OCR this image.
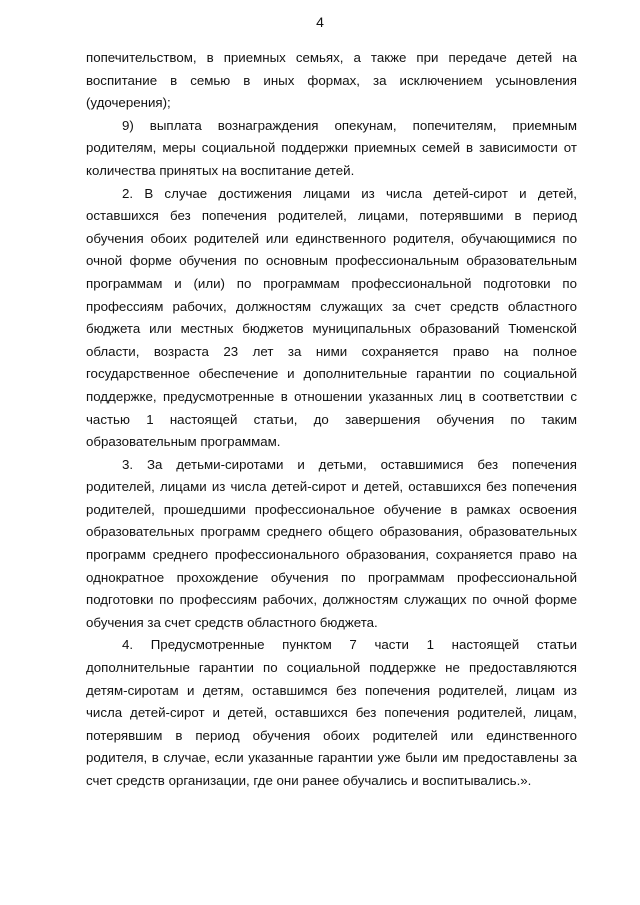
4

попечительством, в приемных семьях, а также при передаче детей на воспитание в семью в иных формах, за исключением усыновления (удочерения);

9) выплата вознаграждения опекунам, попечителям, приемным родителям, меры социальной поддержки приемных семей в зависимости от количества принятых на воспитание детей.

2. В случае достижения лицами из числа детей-сирот и детей, оставшихся без попечения родителей, лицами, потерявшими в период обучения обоих родителей или единственного родителя, обучающимися по очной форме обучения по основным профессиональным образовательным программам и (или) по программам профессиональной подготовки по профессиям рабочих, должностям служащих за счет средств областного бюджета или местных бюджетов муниципальных образований Тюменской области, возраста 23 лет за ними сохраняется право на полное государственное обеспечение и дополнительные гарантии по социальной поддержке, предусмотренные в отношении указанных лиц в соответствии с частью 1 настоящей статьи, до завершения обучения по таким образовательным программам.

3. За детьми-сиротами и детьми, оставшимися без попечения родителей, лицами из числа детей-сирот и детей, оставшихся без попечения родителей, прошедшими профессиональное обучение в рамках освоения образовательных программ среднего общего образования, образовательных программ среднего профессионального образования, сохраняется право на однократное прохождение обучения по программам профессиональной подготовки по профессиям рабочих, должностям служащих по очной форме обучения за счет средств областного бюджета.

4. Предусмотренные пунктом 7 части 1 настоящей статьи дополнительные гарантии по социальной поддержке не предоставляются детям-сиротам и детям, оставшимся без попечения родителей, лицам из числа детей-сирот и детей, оставшихся без попечения родителей, лицам, потерявшим в период обучения обоих родителей или единственного родителя, в случае, если указанные гарантии уже были им предоставлены за счет средств организации, где они ранее обучались и воспитывались.».
